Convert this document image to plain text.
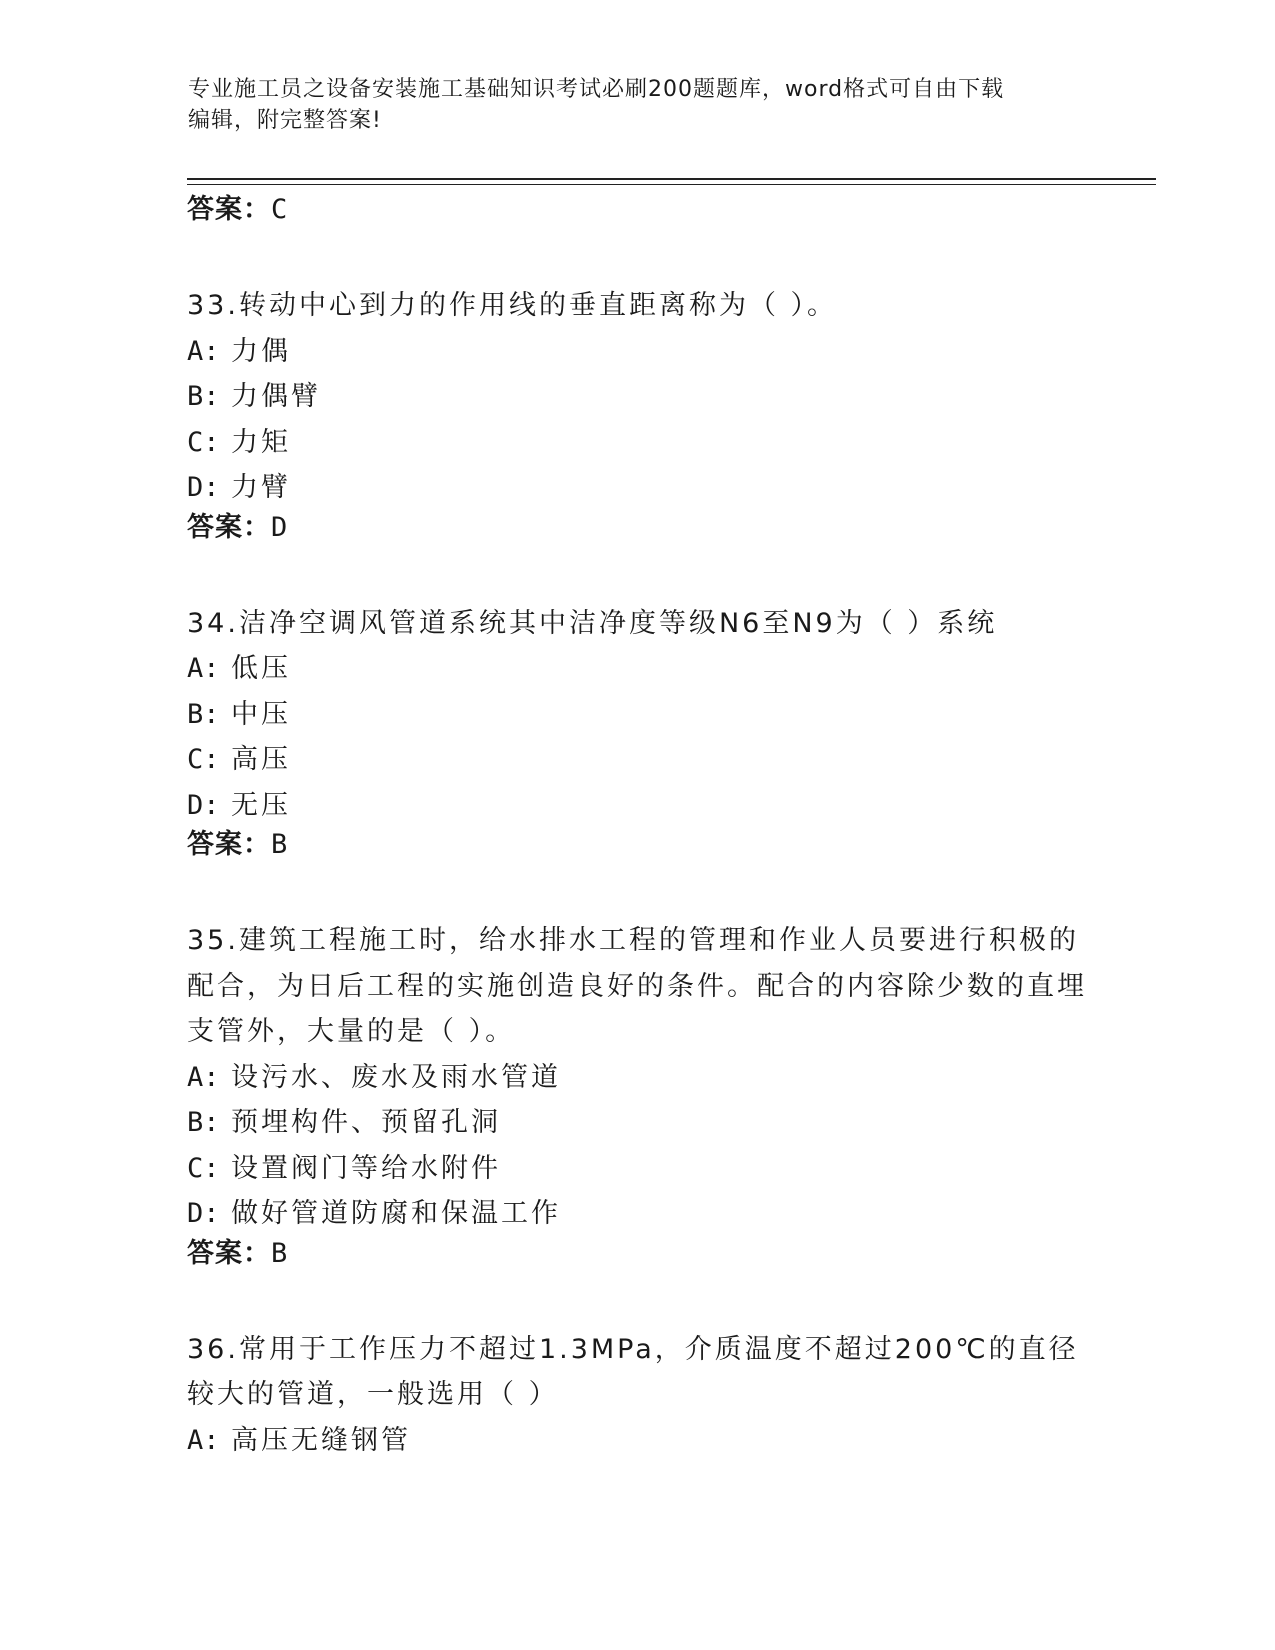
专业施工员之设备安装施工基础知识考试必刷200题题库，word格式可自由下载
编辑，附完整答案!
答案：C
33.转动中心到力的作用线的垂直距离称为（ ）。
A: 力偶
B: 力偶臂
C: 力矩
D: 力臂
答案：D
34.洁净空调风管道系统其中洁净度等级N6至N9为（ ）系统
A: 低压
B: 中压
C: 高压
D: 无压
答案：B
35.建筑工程施工时，给水排水工程的管理和作业人员要进行积极的配合，为日后工程的实施创造良好的条件。配合的内容除少数的直埋支管外，大量的是（ ）。
A: 设污水、废水及雨水管道
B: 预埋构件、预留孔洞
C: 设置阀门等给水附件
D: 做好管道防腐和保温工作
答案：B
36.常用于工作压力不超过1.3MPa，介质温度不超过200℃的直径较大的管道，一般选用（ ）
A: 高压无缝钢管
